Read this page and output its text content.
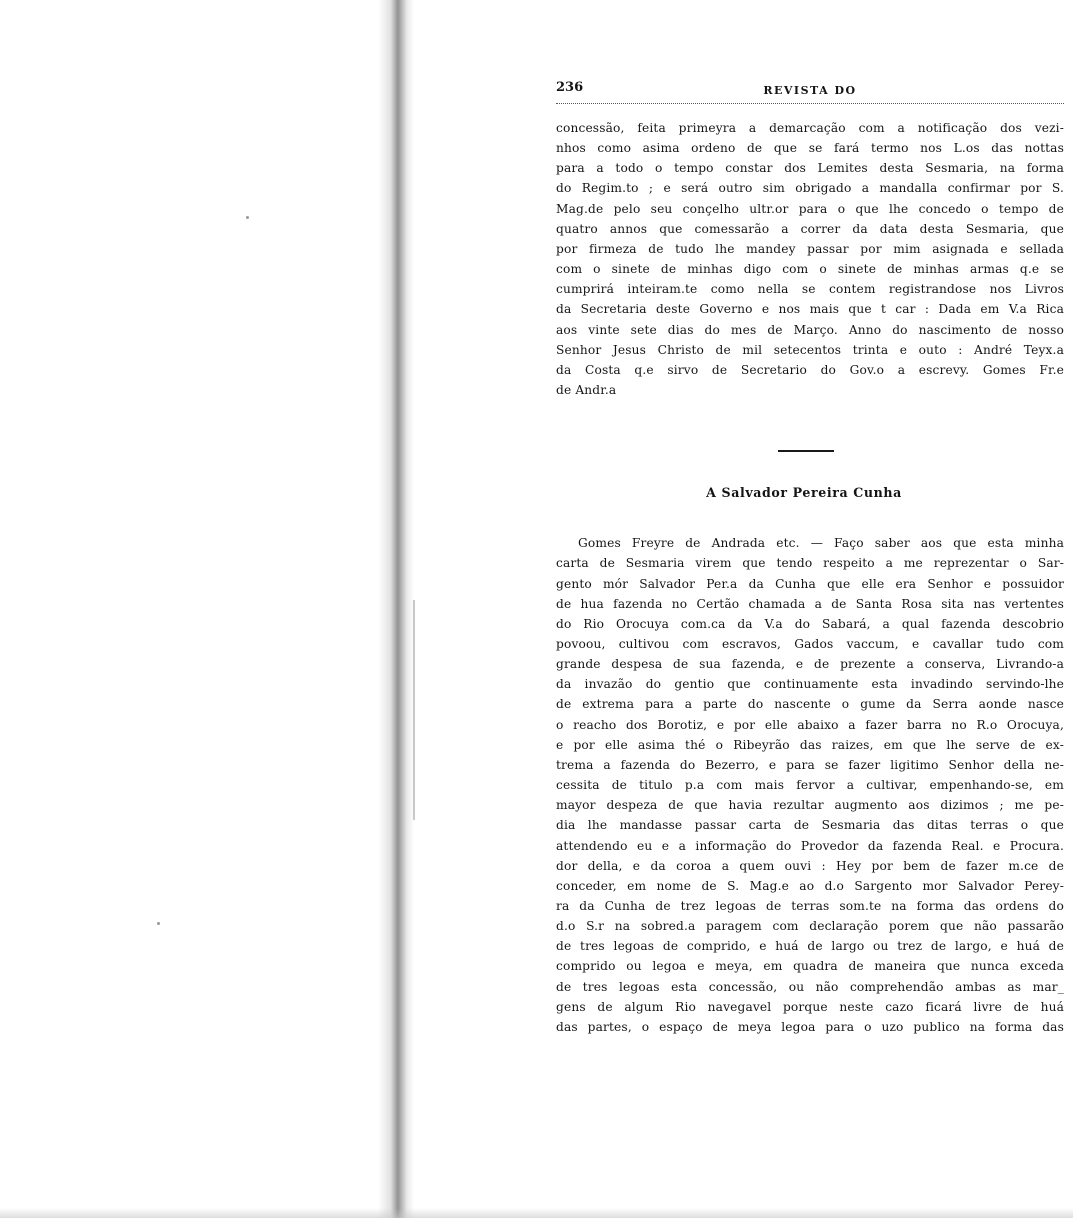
236	REVISTA DO
concessão, feita primeyra a demarcação com a notificação dos vezi-
nhos como asima ordeno de que se fará termo nos L.os das nottas
para a todo o tempo constar dos Lemites desta Sesmaria, na forma
do Regim.to ; e será outro sim obrigado a mandalla confirmar por S.
Mag.de pelo seu conçelho ultr.or para o que lhe concedo o tempo de
quatro annos que comessarão a correr da data desta Sesmaria, que
por firmeza de tudo lhe mandey passar por mim asignada e sellada
com o sinete de minhas digo com o sinete de minhas armas q.e se
cumprirá inteiram.te como nella se contem registrandose nos Livros
da Secretaria deste Governo e nos mais que t car : Dada em V.a Rica
aos vinte sete dias do mes de Março. Anno do nascimento de nosso
Senhor Jesus Christo de mil setecentos trinta e outo : André Teyx.a
da Costa q.e sirvo de Secretario do Gov.o a escrevy. Gomes Fr.e
de Andr.a
A Salvador Pereira Cunha
Gomes Freyre de Andrada etc. — Faço saber aos que esta minha
carta de Sesmaria virem que tendo respeito a me reprezentar o Sar-
gento mór Salvador Per.a da Cunha que elle era Senhor e possuidor
de hua fazenda no Certão chamada a de Santa Rosa sita nas vertentes
do Rio Orocuya com.ca da V.a do Sabará, a qual fazenda descobrio
povoou, cultivou com escravos, Gados vaccum, e cavallar tudo com
grande despesa de sua fazenda, e de prezente a conserva, Livrando-a
da invazão do gentio que continuamente esta invadindo servindo-lhe
de extrema para a parte do nascente o gume da Serra aonde nasce
o reacho dos Borotiz, e por elle abaixo a fazer barra no R.o Orocuya,
e por elle asima thé o Ribeyrão das raizes, em que lhe serve de ex-
trema a fazenda do Bezerro, e para se fazer ligitimo Senhor della ne-
cessita de titulo p.a com mais fervor a cultivar, empenhando-se, em
mayor despeza de que havia rezultar augmento aos dizimos ; me pe-
dia lhe mandasse passar carta de Sesmaria das ditas terras o que
attendendo eu e a informação do Provedor da fazenda Real. e Procura.
dor della, e da coroa a quem ouvi : Hey por bem de fazer m.ce de
conceder, em nome de S. Mag.e ao d.o Sargento mor Salvador Perey-
ra da Cunha de trez legoas de terras som.te na forma das ordens do
d.o S.r na sobred.a paragem com declaração porem que não passarão
de tres legoas de comprido, e huá de largo ou trez de largo, e huá de
comprido ou legoa e meya, em quadra de maneira que nunca exceda
de tres legoas esta concessão, ou não comprehendão ambas as mar_
gens de algum Rio navegavel porque neste cazo ficará livre de huá
das partes, o espaço de meya legoa para o uzo publico na forma das
